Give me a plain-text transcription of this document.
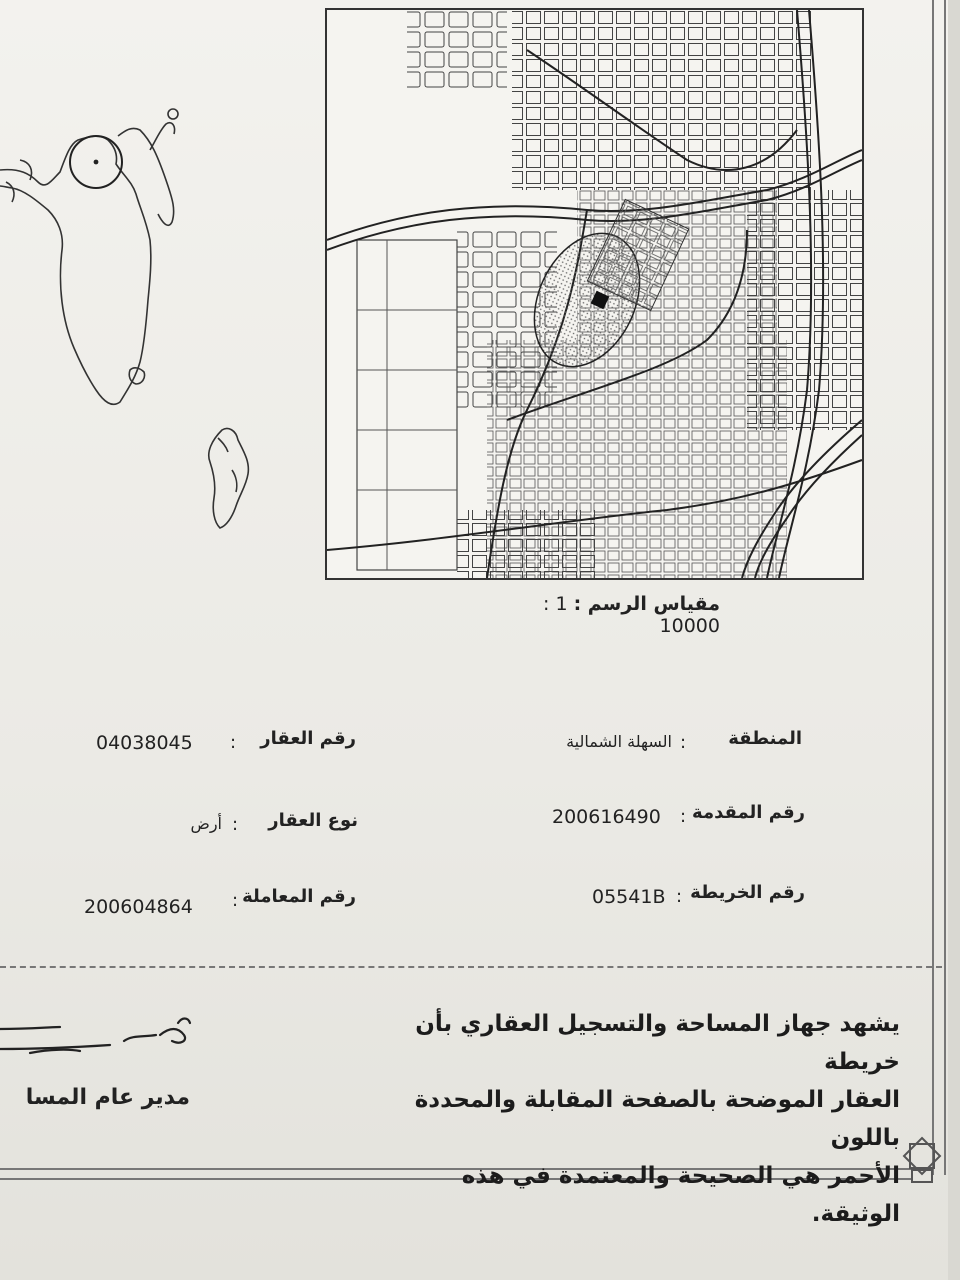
مقياس الرسم :1 : 10000
المنطقة
:
السهلة الشمالية
رقم المقدمة
:
200616490
رقم الخريطة
:
05541B
رقم العقار
:
04038045
نوع العقار
:
أرض
رقم المعاملة
:
200604864
يشهد جهاز المساحة والتسجيل العقاري بأن خريطة
العقار الموضحة بالصفحة المقابلة والمحددة باللون
الأحمر هي الصحيحة والمعتمدة في هذه الوثيقة.
مدير عام المسا
